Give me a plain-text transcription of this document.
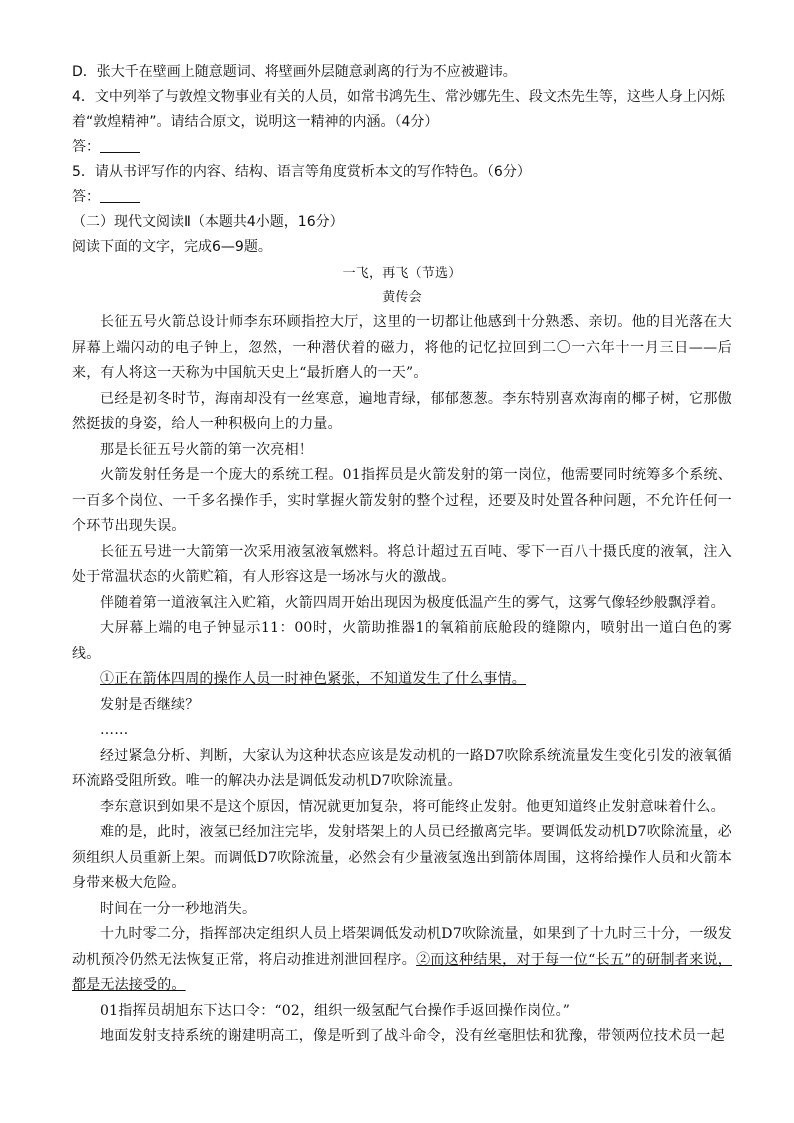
D．张大千在壁画上随意题词、将壁画外层随意剥离的行为不应被避讳。

4．文中列举了与敦煌文物事业有关的人员，如常书鸿先生、常沙娜先生、段文杰先生等，这些人身上闪烁

着“敦煌精神”。请结合原文，说明这一精神的内涵。（4分）

答：

5．请从书评写作的内容、结构、语言等角度赏析本文的写作特色。（6分）

答：

（二）现代文阅读Ⅱ（本题共4小题，16分）

阅读下面的文字，完成6—9题。

一飞，再飞（节选）

黄传会

长征五号火箭总设计师李东环顾指控大厅，这里的一切都让他感到十分熟悉、亲切。他的目光落在大屏幕上端闪动的电子钟上，忽然，一种潜伏着的磁力，将他的记忆拉回到二〇一六年十一月三日——后来，有人将这一天称为中国航天史上“最折磨人的一天”。

已经是初冬时节，海南却没有一丝寒意，遍地青绿，郁郁葱葱。李东特别喜欢海南的椰子树，它那傲然挺拔的身姿，给人一种积极向上的力量。

那是长征五号火箭的第一次亮相！

火箭发射任务是一个庞大的系统工程。01指挥员是火箭发射的第一岗位，他需要同时统筹多个系统、一百多个岗位、一千多名操作手，实时掌握火箭发射的整个过程，还要及时处置各种问题，不允许任何一个环节出现失误。

长征五号进一大箭第一次采用液氢液氧燃料。将总计超过五百吨、零下一百八十摄氏度的液氧，注入处于常温状态的火箭贮箱，有人形容这是一场冰与火的激战。

伴随着第一道液氧注入贮箱，火箭四周开始出现因为极度低温产生的雾气，这雾气像轻纱般飘浮着。

大屏幕上端的电子钟显示11：00时，火箭助推器1的氧箱前底舱段的缝隙内，喷射出一道白色的雾线。

①正在箭体四周的操作人员一时神色紧张，不知道发生了什么事情。

发射是否继续？

……

经过紧急分析、判断，大家认为这种状态应该是发动机的一路D7吹除系统流量发生变化引发的液氧循环流路受阻所致。唯一的解决办法是调低发动机D7吹除流量。

李东意识到如果不是这个原因，情况就更加复杂，将可能终止发射。他更知道终止发射意味着什么。

难的是，此时，液氢已经加注完毕，发射塔架上的人员已经撤离完毕。要调低发动机D7吹除流量，必须组织人员重新上架。而调低D7吹除流量，必然会有少量液氢逸出到箭体周围，这将给操作人员和火箭本身带来极大危险。

时间在一分一秒地消失。

十九时零二分，指挥部决定组织人员上塔架调低发动机D7吹除流量，如果到了十九时三十分，一级发动机预冷仍然无法恢复正常，将启动推进剂泄回程序。②而这种结果，对于每一位“长五”的研制者来说，都是无法接受的。

01指挥员胡旭东下达口令：“02，组织一级氢配气台操作手返回操作岗位。”

地面发射支持系统的谢建明高工，像是听到了战斗命令，没有丝毫胆怯和犹豫，带领两位技术员一起
